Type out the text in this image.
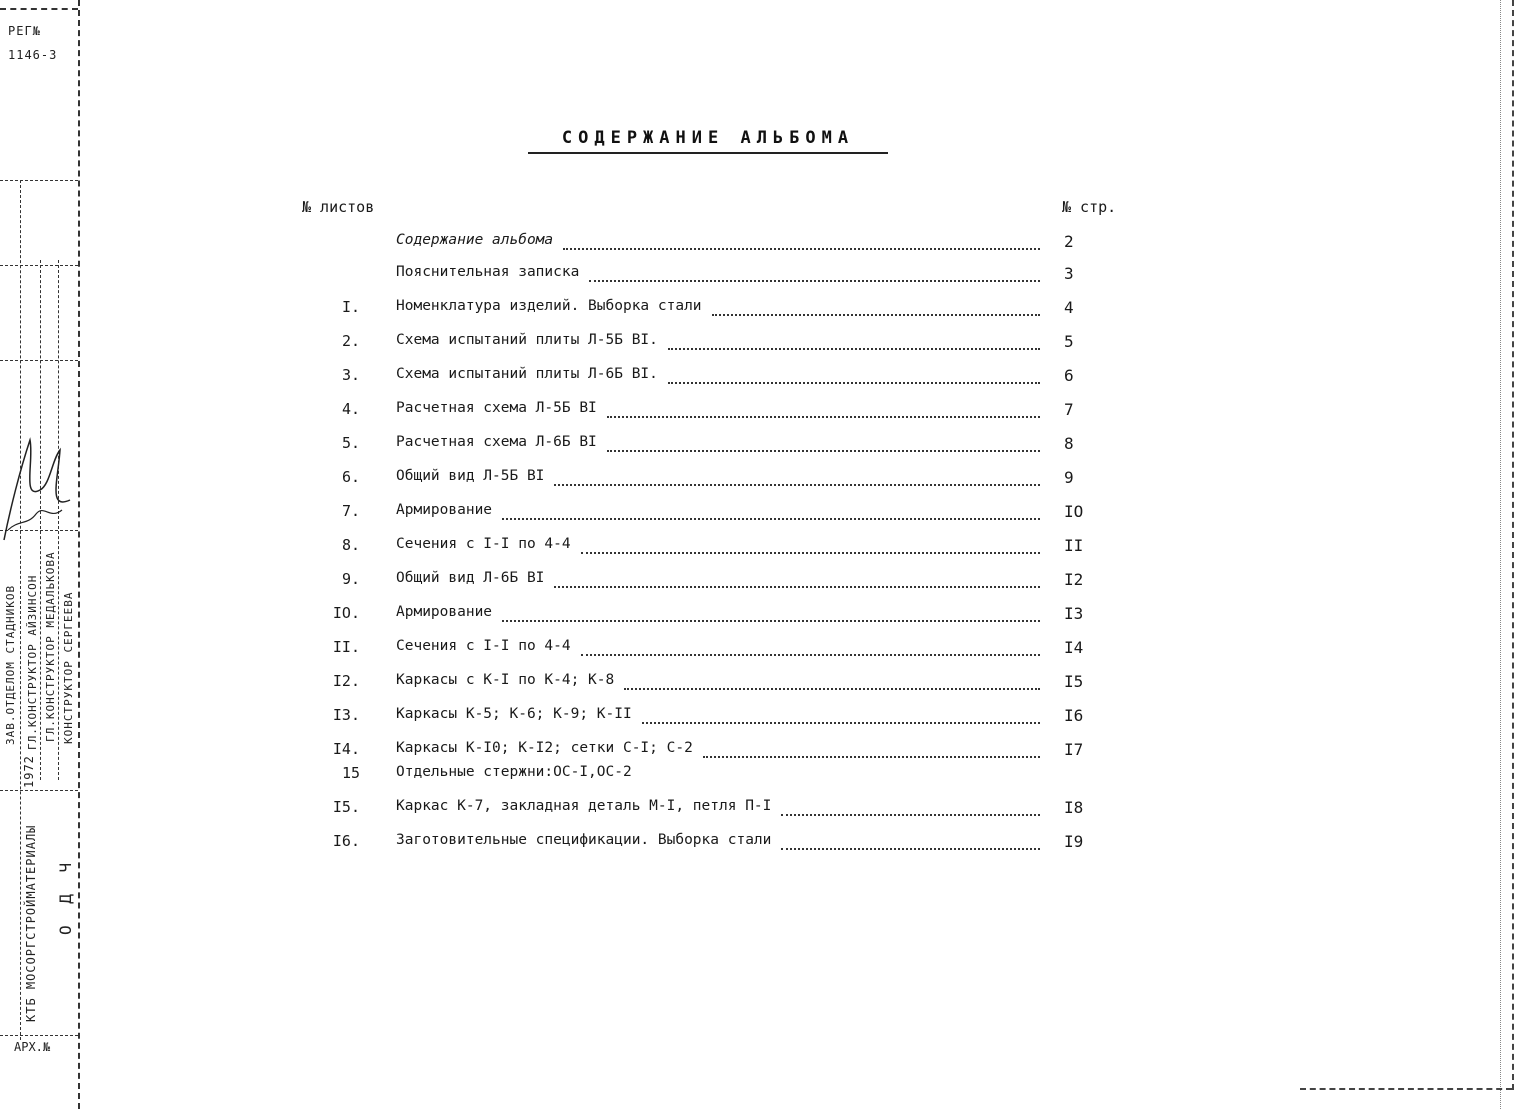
РЕГ№
1146-3
КТБ МОСОРГСТРОЙМАТЕРИАЛЫ О Д Ч
1972
ЗАВ.ОТДЕЛОМ СТАДНИКОВ ГЛ.КОНСТРУКТОР АЙЗИНСОН ГЛ.КОНСТРУКТОР МЕДАЛЬКОВА КОНСТРУКТОР СЕРГЕЕВА
АРХ.№
СОДЕРЖАНИЕ АЛЬБОМА
№ листов	№ стр.
Содержание альбома	2
Пояснительная записка	3
I. Номенклатура изделий. Выборка стали	4
2. Схема испытаний плиты Л-5Б ВI.	5
3. Схема испытаний плиты Л-6Б ВI.	6
4. Расчетная схема Л-5Б ВI	7
5. Расчетная схема Л-6Б ВI	8
6. Общий вид Л-5Б ВI	9
7. Армирование	IO
8. Сечения с I-I по 4-4	II
9. Общий вид Л-6Б ВI	I2
IO. Армирование	I3
II. Сечения с I-I по 4-4	I4
I2. Каркасы с К-I по К-4; К-8	I5
I3. Каркасы К-5; К-6; К-9; К-II	I6
I4. Каркасы К-I0; К-I2; сетки С-I; С-2	I7
15 Отдельные стержни:ОС-I,ОС-2
I5. Каркас К-7, закладная деталь М-I, петля П-I	I8
I6. Заготовительные спецификации. Выборка стали	I9
